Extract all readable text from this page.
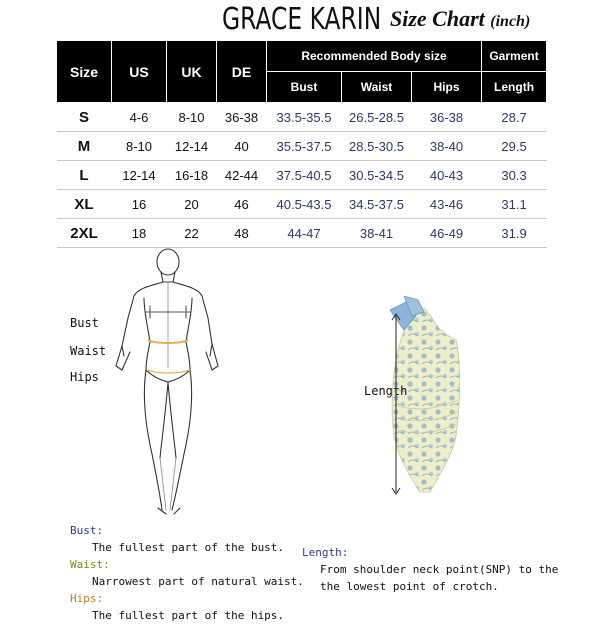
GRACE KARIN Size Chart (inch)
Size	US	UK	DE	Recommended Body size			Garment
				Bust	Waist	Hips	Length
S	4-6	8-10	36-38	33.5-35.5	26.5-28.5	36-38	28.7
M	8-10	12-14	40	35.5-37.5	28.5-30.5	38-40	29.5
L	12-14	16-18	42-44	37.5-40.5	30.5-34.5	40-43	30.3
XL	16	20	46	40.5-43.5	34.5-37.5	43-46	31.1
2XL	18	22	48	44-47	38-41	46-49	31.9
Bust
Waist
Hips
Length
Bust:
The fullest part of the bust.
Waist:
Narrowest part of natural waist.
Hips:
The fullest part of the hips.
Length:
From shoulder neck point(SNP) to the
the lowest point of crotch.
